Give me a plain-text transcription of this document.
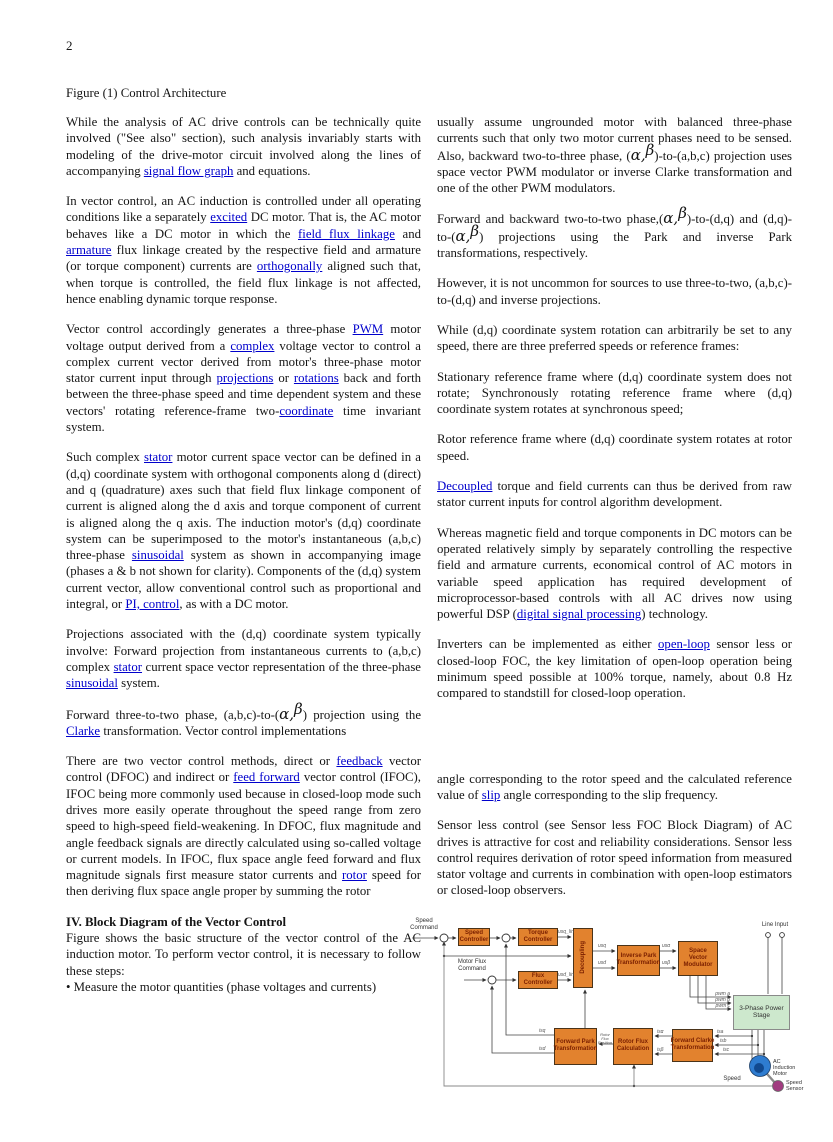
2
Figure (1) Control Architecture

While the analysis of AC drive controls can be technically quite involved ("See also" section), such analysis invariably starts with modeling of the drive-motor circuit involved along the lines of accompanying signal flow graph and equations.

In vector control, an AC induction is controlled under all operating conditions like a separately excited DC motor. That is, the AC motor behaves like a DC motor in which the field flux linkage and armature flux linkage created by the respective field and armature (or torque component) currents are orthogonally aligned such that, when torque is controlled, the field flux linkage is not affected, hence enabling dynamic torque response.

Vector control accordingly generates a three-phase PWM motor voltage output derived from a complex voltage vector to control a complex current vector derived from motor's three-phase motor stator current input through projections or rotations back and forth between the three-phase speed and time dependent system and these vectors' rotating reference-frame two-coordinate time invariant system.

Such complex stator motor current space vector can be defined in a (d,q) coordinate system with orthogonal components along d (direct) and q (quadrature) axes such that field flux linkage component of current is aligned along the d axis and torque component of current is aligned along the q axis. The induction motor's (d,q) coordinate system can be superimposed to the motor's instantaneous (a,b,c) three-phase sinusoidal system as shown in accompanying image (phases a & b not shown for clarity). Components of the (d,q) system current vector, allow conventional control such as proportional and integral, or PI, control, as with a DC motor.

Projections associated with the (d,q) coordinate system typically involve: Forward projection from instantaneous currents to (a,b,c) complex stator current space vector representation of the three-phase sinusoidal system.

Forward three-to-two phase, (a,b,c)-to-(α,β) projection using the Clarke transformation. Vector control implementations

There are two vector control methods, direct or feedback vector control (DFOC) and indirect or feed forward vector control (IFOC), IFOC being more commonly used because in closed-loop mode such drives more easily operate throughout the speed range from zero speed to high-speed field-weakening. In DFOC, flux magnitude and angle feedback signals are directly calculated using so-called voltage or current models. In IFOC, flux space angle feed forward and flux magnitude signals first measure stator currents and rotor speed for then deriving flux space angle proper by summing the rotor

IV. Block Diagram of the Vector Control

Figure shows the basic structure of the vector control of the AC induction motor. To perform vector control, it is necessary to follow these steps:

• Measure the motor quantities (phase voltages and currents)

usually assume ungrounded motor with balanced three-phase currents such that only two motor current phases need to be sensed. Also, backward two-to-three phase, (α,β)-to-(a,b,c) projection uses space vector PWM modulator or inverse Clarke transformation and one of the other PWM modulators.

Forward and backward two-to-two phase,(α,β)-to-(d,q) and (d,q)-to-(α,β) projections using the Park and inverse Park transformations, respectively.

However, it is not uncommon for sources to use three-to-two, (a,b,c)-to-(d,q) and inverse projections.

While (d,q) coordinate system rotation can arbitrarily be set to any speed, there are three preferred speeds or reference frames:

Stationary reference frame where (d,q) coordinate system does not rotate; Synchronously rotating reference frame where (d,q) coordinate system rotates at synchronous speed;

Rotor reference frame where (d,q) coordinate system rotates at rotor speed.

Decoupled torque and field currents can thus be derived from raw stator current inputs for control algorithm development.

Whereas magnetic field and torque components in DC motors can be operated relatively simply by separately controlling the respective field and armature currents, economical control of AC motors in variable speed application has required development of microprocessor-based controls with all AC drives now using powerful DSP (digital signal processing) technology.

Inverters can be implemented as either open-loop sensor less or closed-loop FOC, the key limitation of open-loop operation being minimum speed possible at 100% torque, namely, about 0.8 Hz compared to standstill for closed-loop operation.

angle corresponding to the rotor speed and the calculated reference value of slip angle corresponding to the slip frequency.

Sensor less control (see Sensor less FOC Block Diagram) of AC drives is attractive for cost and reliability considerations. Sensor less control requires derivation of rotor speed information from measured stator voltage and currents in combination with open-loop estimators or closed-loop observers.

Speed Controller
Torque Controller
Flux Controller
Decoupling	Inverse Park Transformation
Space Vector Modulator
3-Phase Power Stage
Forward Park Transformation
Rotor Flux Calculation
Forward Clarke Transformation
Speed Command
Motor Flux Command
Line Input
usq_lin
usd_lin
usq
usd
usα
usβ
pwm a
pwm b
pwm c
isa
isb
isc
isα
isβ
isq
isd
Rotor Flux Position
Speed
AC Induction Motor
Speed Sensor
